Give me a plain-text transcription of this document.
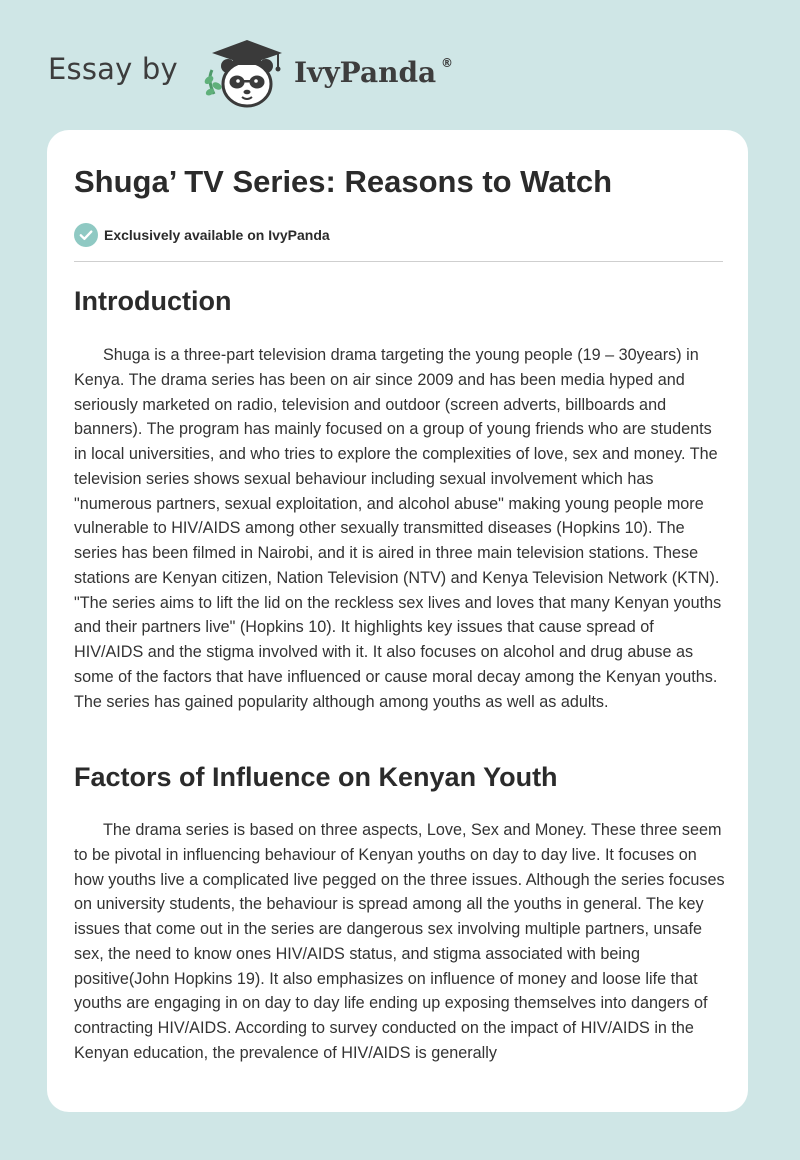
Essay by	IvyPanda ®
Shuga’ TV Series: Reasons to Watch
Exclusively available on IvyPanda
Introduction

Shuga is a three-part television drama targeting the young people (19 – 30years) in Kenya. The drama series has been on air since 2009 and has been media hyped and seriously marketed on radio, television and outdoor (screen adverts, billboards and banners). The program has mainly focused on a group of young friends who are students in local universities, and who tries to explore the complexities of love, sex and money. The television series shows sexual behaviour including sexual involvement which has "numerous partners, sexual exploitation, and alcohol abuse" making young people more vulnerable to HIV/AIDS among other sexually transmitted diseases (Hopkins 10). The series has been filmed in Nairobi, and it is aired in three main television stations. These stations are Kenyan citizen, Nation Television (NTV) and Kenya Television Network (KTN). "The series aims to lift the lid on the reckless sex lives and loves that many Kenyan youths and their partners live" (Hopkins 10). It highlights key issues that cause spread of HIV/AIDS and the stigma involved with it. It also focuses on alcohol and drug abuse as some of the factors that have influenced or cause moral decay among the Kenyan youths. The series has gained popularity although among youths as well as adults.

Factors of Influence on Kenyan Youth

The drama series is based on three aspects, Love, Sex and Money. These three seem to be pivotal in influencing behaviour of Kenyan youths on day to day live. It focuses on how youths live a complicated live pegged on the three issues. Although the series focuses on university students, the behaviour is spread among all the youths in general. The key issues that come out in the series are dangerous sex involving multiple partners, unsafe sex, the need to know ones HIV/AIDS status, and stigma associated with being positive(John Hopkins 19). It also emphasizes on influence of money and loose life that youths are engaging in on day to day life ending up exposing themselves into dangers of contracting HIV/AIDS. According to survey conducted on the impact of HIV/AIDS in the Kenyan education, the prevalence of HIV/AIDS is generally
